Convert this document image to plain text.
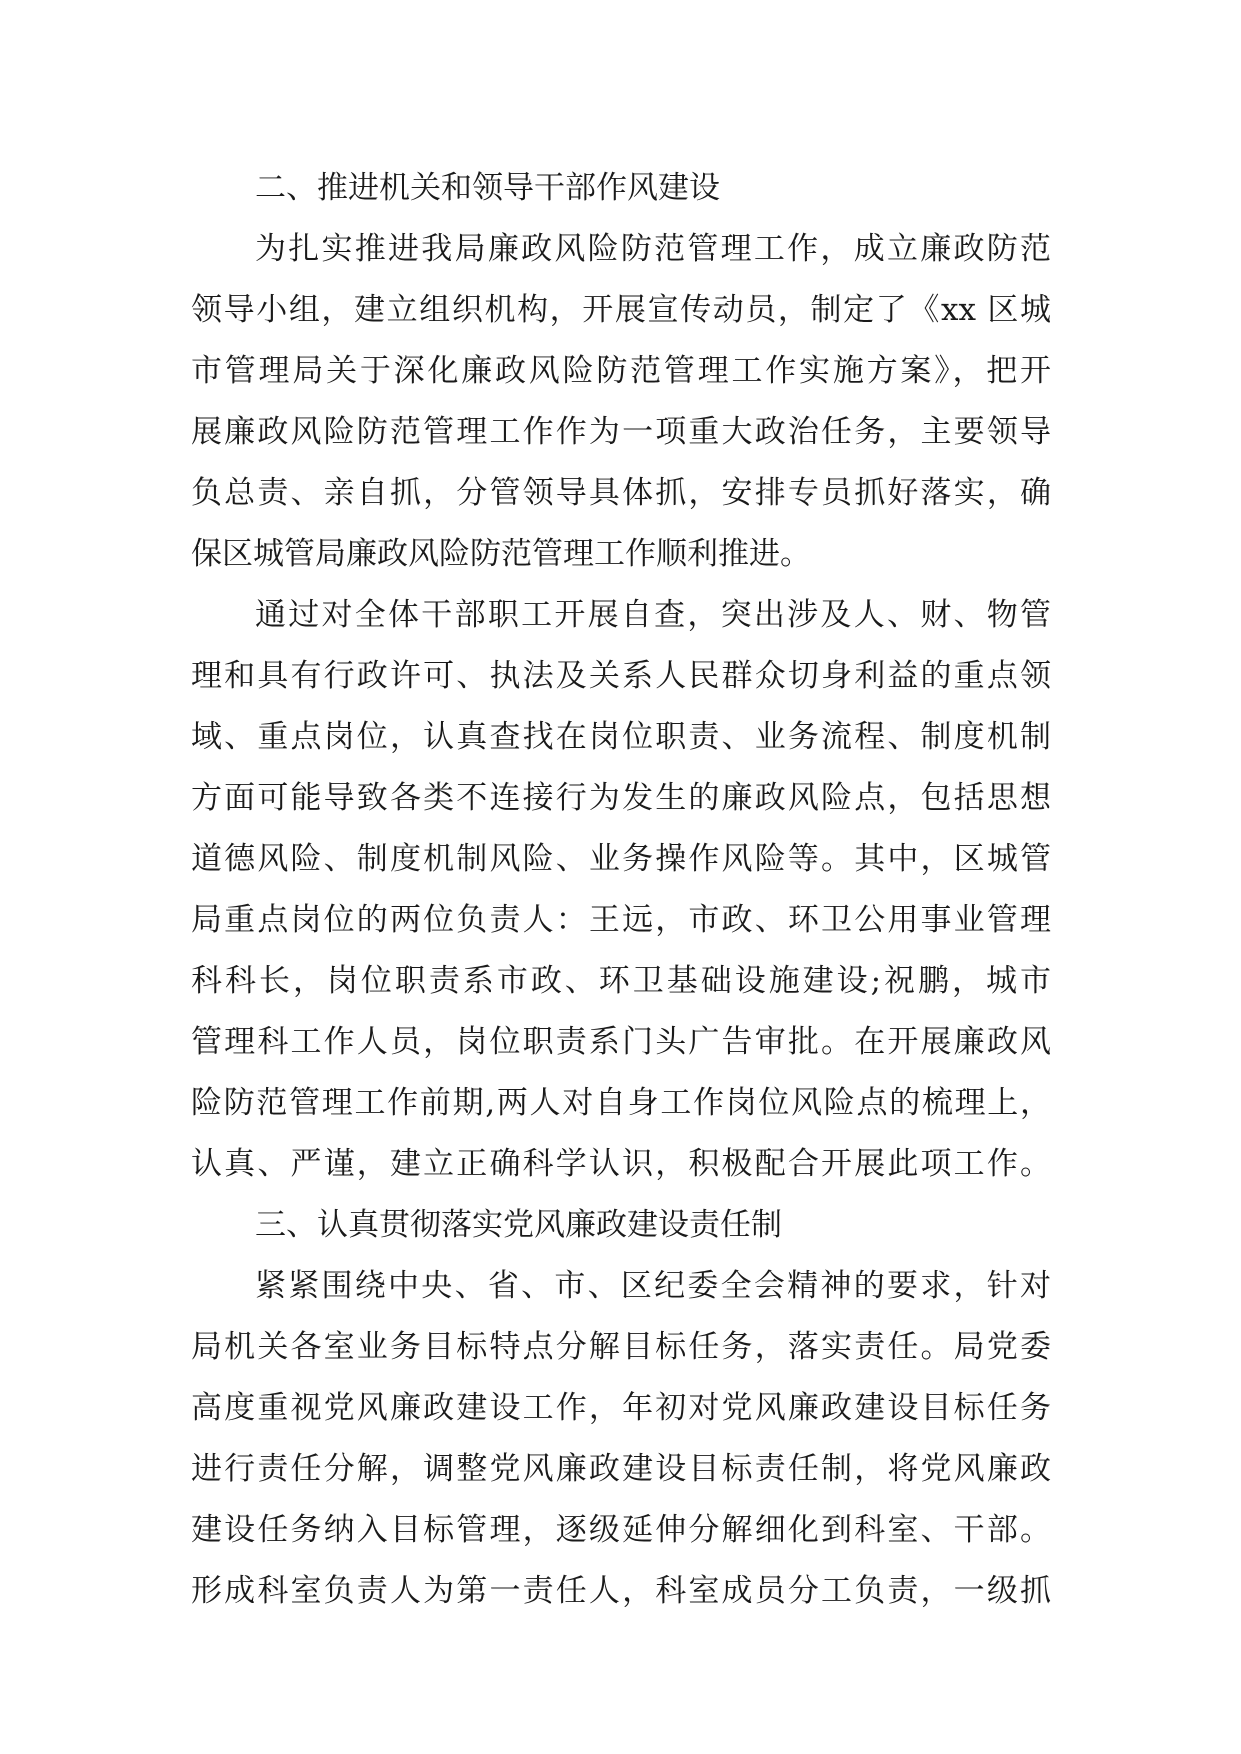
二、推进机关和领导干部作风建设
为扎实推进我局廉政风险防范管理工作，成立廉政防范
领导小组，建立组织机构，开展宣传动员，制定了《xx 区城
市管理局关于深化廉政风险防范管理工作实施方案》，把开
展廉政风险防范管理工作作为一项重大政治任务，主要领导
负总责、亲自抓，分管领导具体抓，安排专员抓好落实，确
保区城管局廉政风险防范管理工作顺利推进。
通过对全体干部职工开展自查，突出涉及人、财、物管
理和具有行政许可、执法及关系人民群众切身利益的重点领
域、重点岗位，认真查找在岗位职责、业务流程、制度机制
方面可能导致各类不连接行为发生的廉政风险点，包括思想
道德风险、制度机制风险、业务操作风险等。其中，区城管
局重点岗位的两位负责人：王远，市政、环卫公用事业管理
科科长，岗位职责系市政、环卫基础设施建设;祝鹏，城市
管理科工作人员，岗位职责系门头广告审批。在开展廉政风
险防范管理工作前期,两人对自身工作岗位风险点的梳理上，
认真、严谨，建立正确科学认识，积极配合开展此项工作。
三、认真贯彻落实党风廉政建设责任制
紧紧围绕中央、省、市、区纪委全会精神的要求，针对
局机关各室业务目标特点分解目标任务，落实责任。局党委
高度重视党风廉政建设工作，年初对党风廉政建设目标任务
进行责任分解，调整党风廉政建设目标责任制，将党风廉政
建设任务纳入目标管理，逐级延伸分解细化到科室、干部。
形成科室负责人为第一责任人，科室成员分工负责，一级抓
